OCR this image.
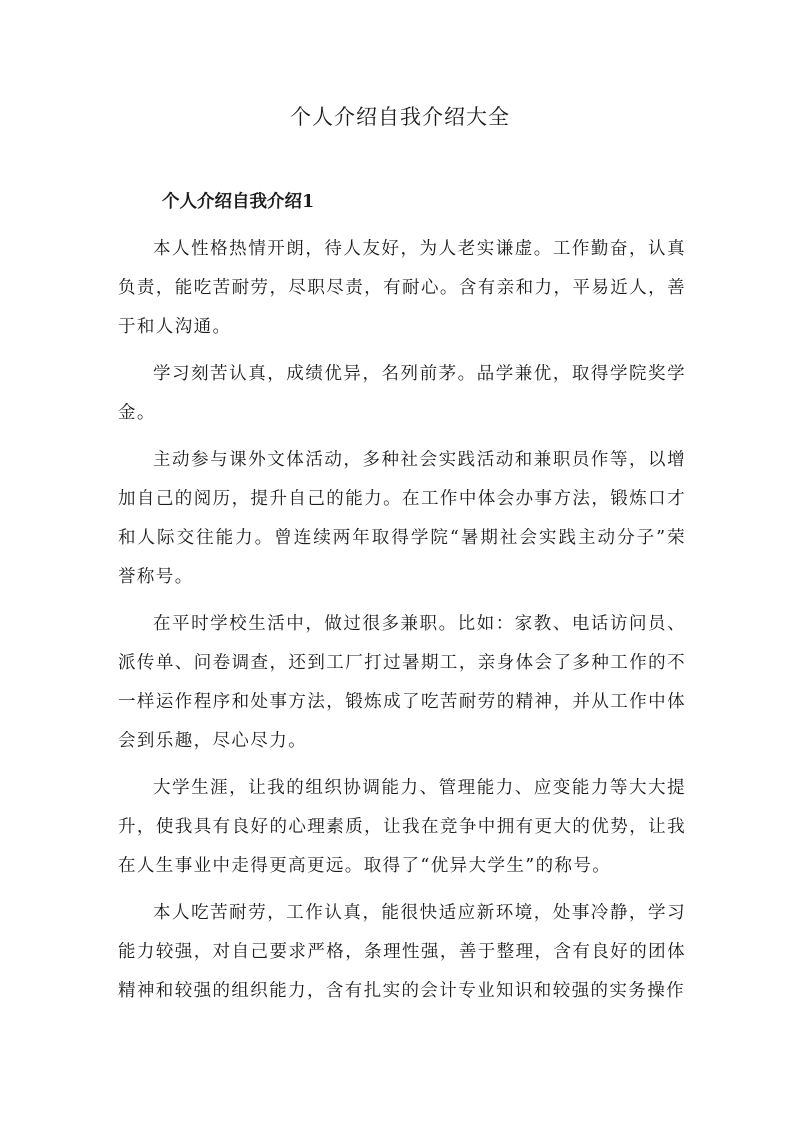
个人介绍自我介绍大全
个人介绍自我介绍1

本人性格热情开朗，待人友好，为人老实谦虚。工作勤奋，认真负责，能吃苦耐劳，尽职尽责，有耐心。含有亲和力，平易近人，善于和人沟通。

学习刻苦认真，成绩优异，名列前茅。品学兼优，取得学院奖学金。

主动参与课外文体活动，多种社会实践活动和兼职员作等，以增加自己的阅历，提升自己的能力。在工作中体会办事方法，锻炼口才和人际交往能力。曾连续两年取得学院“暑期社会实践主动分子”荣誉称号。

在平时学校生活中，做过很多兼职。比如：家教、电话访问员、派传单、问卷调查，还到工厂打过暑期工，亲身体会了多种工作的不一样运作程序和处事方法，锻炼成了吃苦耐劳的精神，并从工作中体会到乐趣，尽心尽力。

大学生涯，让我的组织协调能力、管理能力、应变能力等大大提升，使我具有良好的心理素质，让我在竞争中拥有更大的优势，让我在人生事业中走得更高更远。取得了“优异大学生”的称号。

本人吃苦耐劳，工作认真，能很快适应新环境，处事冷静，学习能力较强，对自己要求严格，条理性强，善于整理，含有良好的团体精神和较强的组织能力，含有扎实的会计专业知识和较强的实务操作
